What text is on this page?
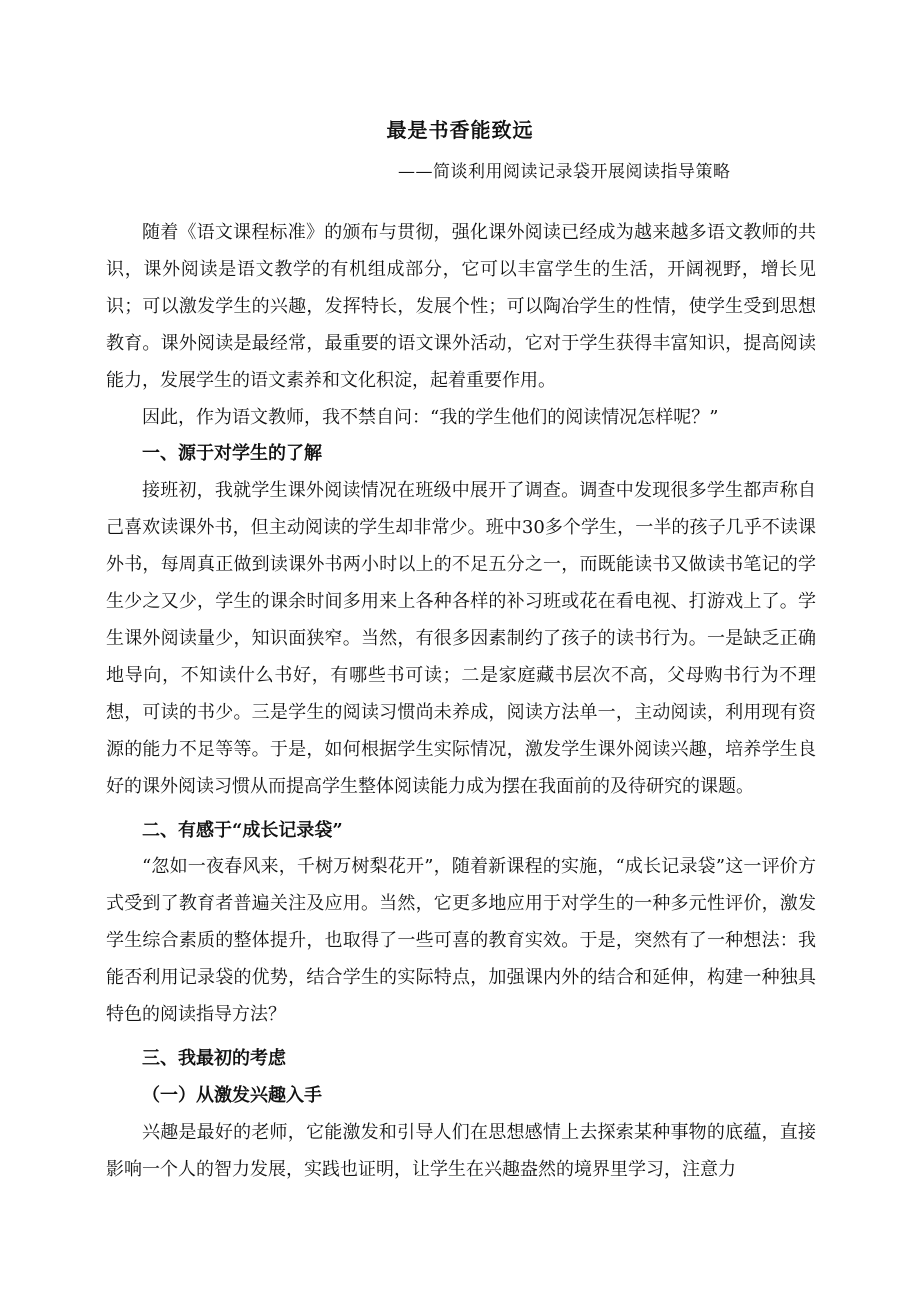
最是书香能致远
——简谈利用阅读记录袋开展阅读指导策略

随着《语文课程标准》的颁布与贯彻，强化课外阅读已经成为越来越多语文教师的共识，课外阅读是语文教学的有机组成部分，它可以丰富学生的生活，开阔视野，增长见识；可以激发学生的兴趣，发挥特长，发展个性；可以陶冶学生的性情，使学生受到思想教育。课外阅读是最经常，最重要的语文课外活动，它对于学生获得丰富知识，提高阅读能力，发展学生的语文素养和文化积淀，起着重要作用。

因此，作为语文教师，我不禁自问：“我的学生他们的阅读情况怎样呢？”

一、源于对学生的了解

接班初，我就学生课外阅读情况在班级中展开了调查。调查中发现很多学生都声称自己喜欢读课外书，但主动阅读的学生却非常少。班中30多个学生，一半的孩子几乎不读课外书，每周真正做到读课外书两小时以上的不足五分之一，而既能读书又做读书笔记的学生少之又少，学生的课余时间多用来上各种各样的补习班或花在看电视、打游戏上了。学生课外阅读量少，知识面狭窄。当然，有很多因素制约了孩子的读书行为。一是缺乏正确地导向，不知读什么书好，有哪些书可读；二是家庭藏书层次不高，父母购书行为不理想，可读的书少。三是学生的阅读习惯尚未养成，阅读方法单一，主动阅读，利用现有资源的能力不足等等。于是，如何根据学生实际情况，激发学生课外阅读兴趣，培养学生良好的课外阅读习惯从而提高学生整体阅读能力成为摆在我面前的及待研究的课题。

二、有感于“成长记录袋”

“忽如一夜春风来，千树万树梨花开”，随着新课程的实施，“成长记录袋”这一评价方式受到了教育者普遍关注及应用。当然，它更多地应用于对学生的一种多元性评价，激发学生综合素质的整体提升，也取得了一些可喜的教育实效。于是，突然有了一种想法：我能否利用记录袋的优势，结合学生的实际特点，加强课内外的结合和延伸，构建一种独具特色的阅读指导方法？

三、我最初的考虑

（一）从激发兴趣入手

兴趣是最好的老师，它能激发和引导人们在思想感情上去探索某种事物的底蕴，直接影响一个人的智力发展，实践也证明，让学生在兴趣盎然的境界里学习，注意力
